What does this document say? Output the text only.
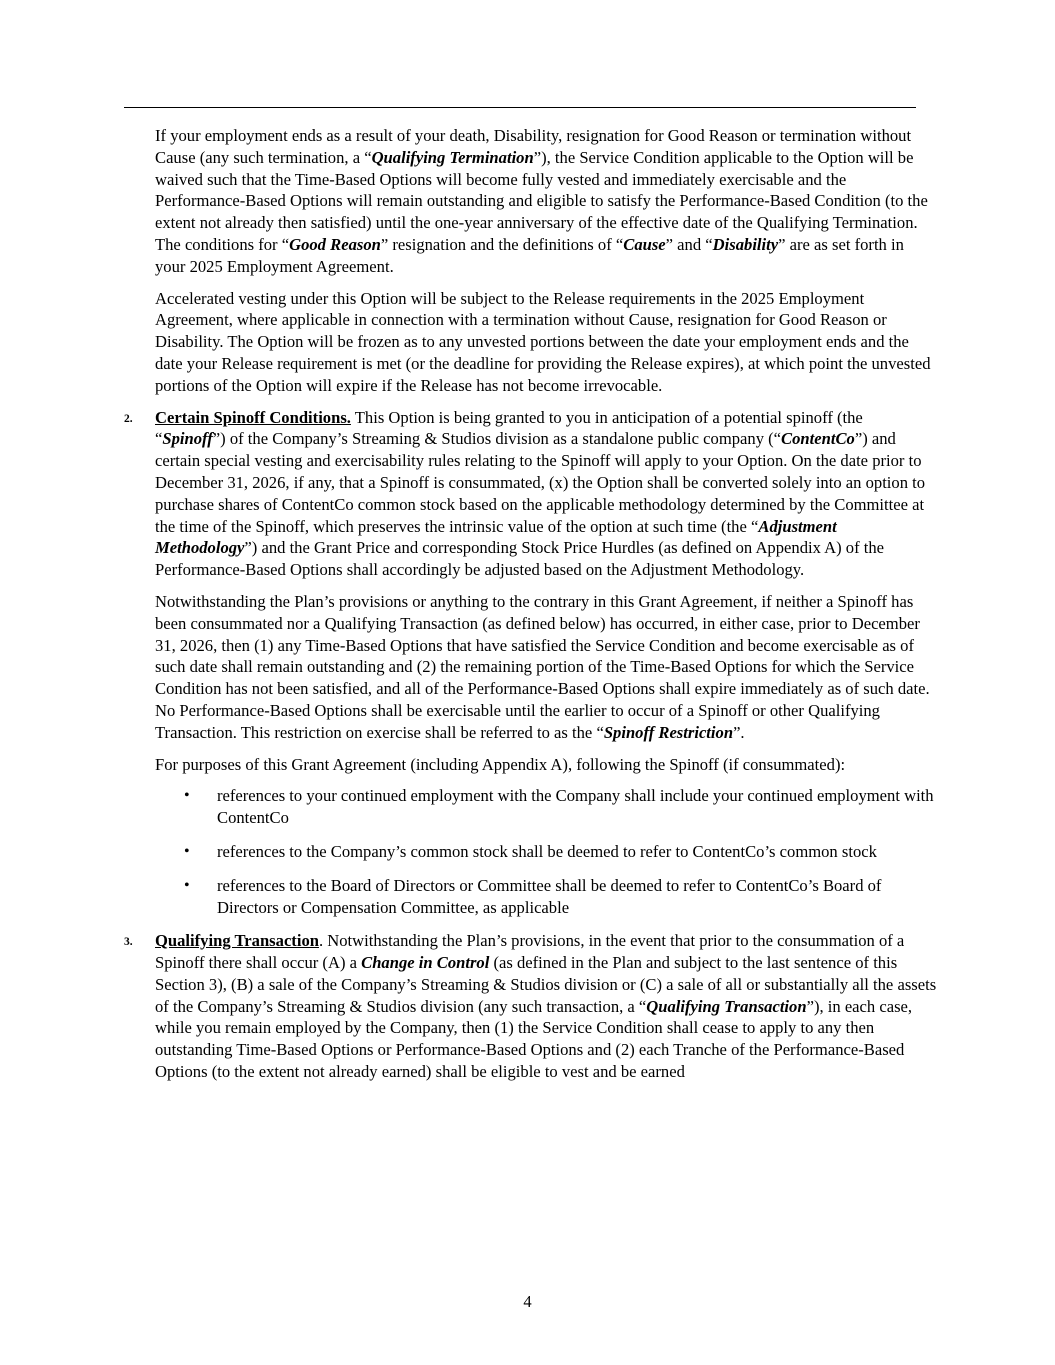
If your employment ends as a result of your death, Disability, resignation for Good Reason or termination without Cause (any such termination, a “Qualifying Termination”), the Service Condition applicable to the Option will be waived such that the Time-Based Options will become fully vested and immediately exercisable and the Performance-Based Options will remain outstanding and eligible to satisfy the Performance-Based Condition (to the extent not already then satisfied) until the one-year anniversary of the effective date of the Qualifying Termination. The conditions for “Good Reason” resignation and the definitions of “Cause” and “Disability” are as set forth in your 2025 Employment Agreement.

Accelerated vesting under this Option will be subject to the Release requirements in the 2025 Employment Agreement, where applicable in connection with a termination without Cause, resignation for Good Reason or Disability. The Option will be frozen as to any unvested portions between the date your employment ends and the date your Release requirement is met (or the deadline for providing the Release expires), at which point the unvested portions of the Option will expire if the Release has not become irrevocable.

2. Certain Spinoff Conditions. This Option is being granted to you in anticipation of a potential spinoff (the “Spinoff”) of the Company’s Streaming & Studios division as a standalone public company (“ContentCo”) and certain special vesting and exercisability rules relating to the Spinoff will apply to your Option. On the date prior to December 31, 2026, if any, that a Spinoff is consummated, (x) the Option shall be converted solely into an option to purchase shares of ContentCo common stock based on the applicable methodology determined by the Committee at the time of the Spinoff, which preserves the intrinsic value of the option at such time (the “Adjustment Methodology”) and the Grant Price and corresponding Stock Price Hurdles (as defined on Appendix A) of the Performance-Based Options shall accordingly be adjusted based on the Adjustment Methodology.

Notwithstanding the Plan’s provisions or anything to the contrary in this Grant Agreement, if neither a Spinoff has been consummated nor a Qualifying Transaction (as defined below) has occurred, in either case, prior to December 31, 2026, then (1) any Time-Based Options that have satisfied the Service Condition and become exercisable as of such date shall remain outstanding and (2) the remaining portion of the Time-Based Options for which the Service Condition has not been satisfied, and all of the Performance-Based Options shall expire immediately as of such date. No Performance-Based Options shall be exercisable until the earlier to occur of a Spinoff or other Qualifying Transaction. This restriction on exercise shall be referred to as the “Spinoff Restriction”.

For purposes of this Grant Agreement (including Appendix A), following the Spinoff (if consummated):

• references to your continued employment with the Company shall include your continued employment with ContentCo
• references to the Company’s common stock shall be deemed to refer to ContentCo’s common stock
• references to the Board of Directors or Committee shall be deemed to refer to ContentCo’s Board of Directors or Compensation Committee, as applicable
3. Qualifying Transaction. Notwithstanding the Plan’s provisions, in the event that prior to the consummation of a Spinoff there shall occur (A) a Change in Control (as defined in the Plan and subject to the last sentence of this Section 3), (B) a sale of the Company’s Streaming & Studios division or (C) a sale of all or substantially all the assets of the Company’s Streaming & Studios division (any such transaction, a “Qualifying Transaction”), in each case, while you remain employed by the Company, then (1) the Service Condition shall cease to apply to any then outstanding Time-Based Options or Performance-Based Options and (2) each Tranche of the Performance-Based Options (to the extent not already earned) shall be eligible to vest and be earned

4
